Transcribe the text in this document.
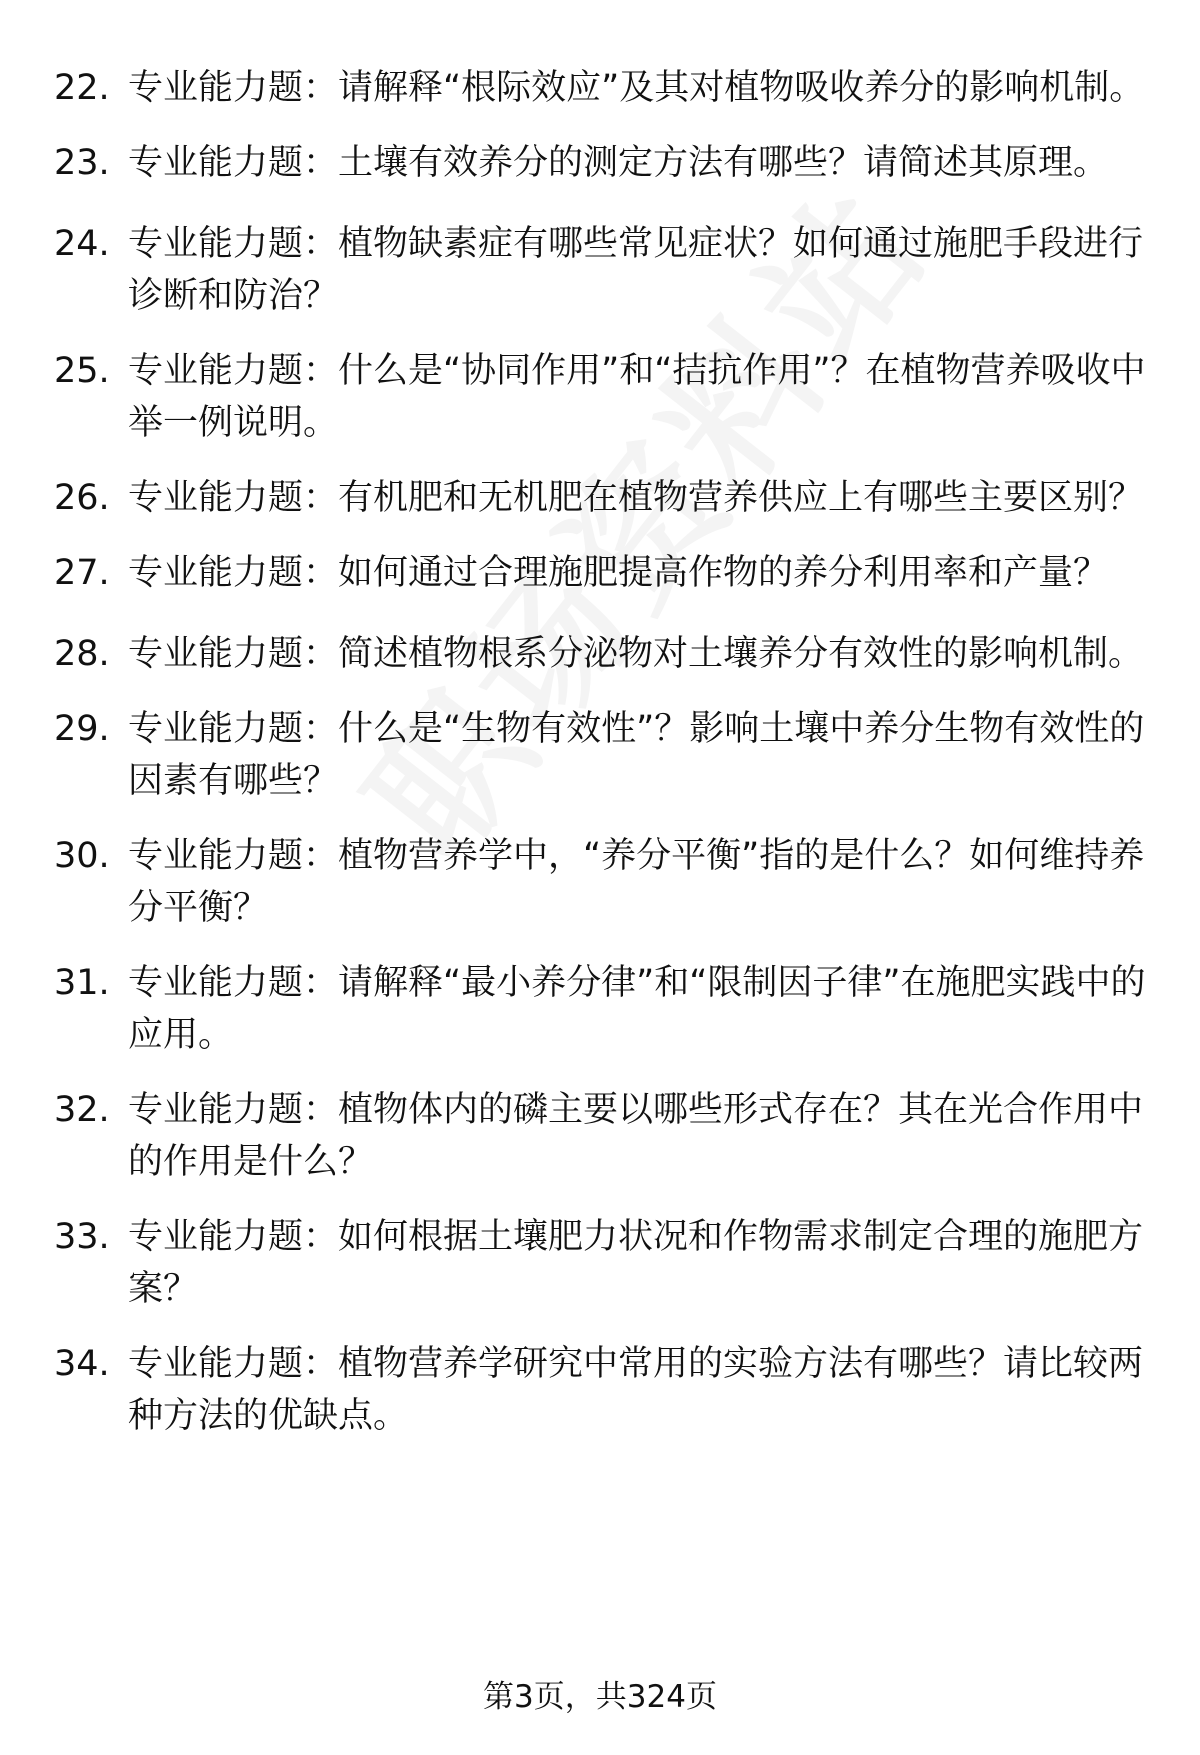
22. 专业能力题：请解释“根际效应”及其对植物吸收养分的影响机制。
23. 专业能力题：土壤有效养分的测定方法有哪些？请简述其原理。
24. 专业能力题：植物缺素症有哪些常见症状？如何通过施肥手段进行诊断和防治？
25. 专业能力题：什么是“协同作用”和“拮抗作用”？在植物营养吸收中举一例说明。
26. 专业能力题：有机肥和无机肥在植物营养供应上有哪些主要区别？
27. 专业能力题：如何通过合理施肥提高作物的养分利用率和产量？
28. 专业能力题：简述植物根系分泌物对土壤养分有效性的影响机制。
29. 专业能力题：什么是“生物有效性”？影响土壤中养分生物有效性的因素有哪些？
30. 专业能力题：植物营养学中，“养分平衡”指的是什么？如何维持养分平衡？
31. 专业能力题：请解释“最小养分律”和“限制因子律”在施肥实践中的应用。
32. 专业能力题：植物体内的磷主要以哪些形式存在？其在光合作用中的作用是什么？
33. 专业能力题：如何根据土壤肥力状况和作物需求制定合理的施肥方案？
34. 专业能力题：植物营养学研究中常用的实验方法有哪些？请比较两种方法的优缺点。
第3页，共324页
